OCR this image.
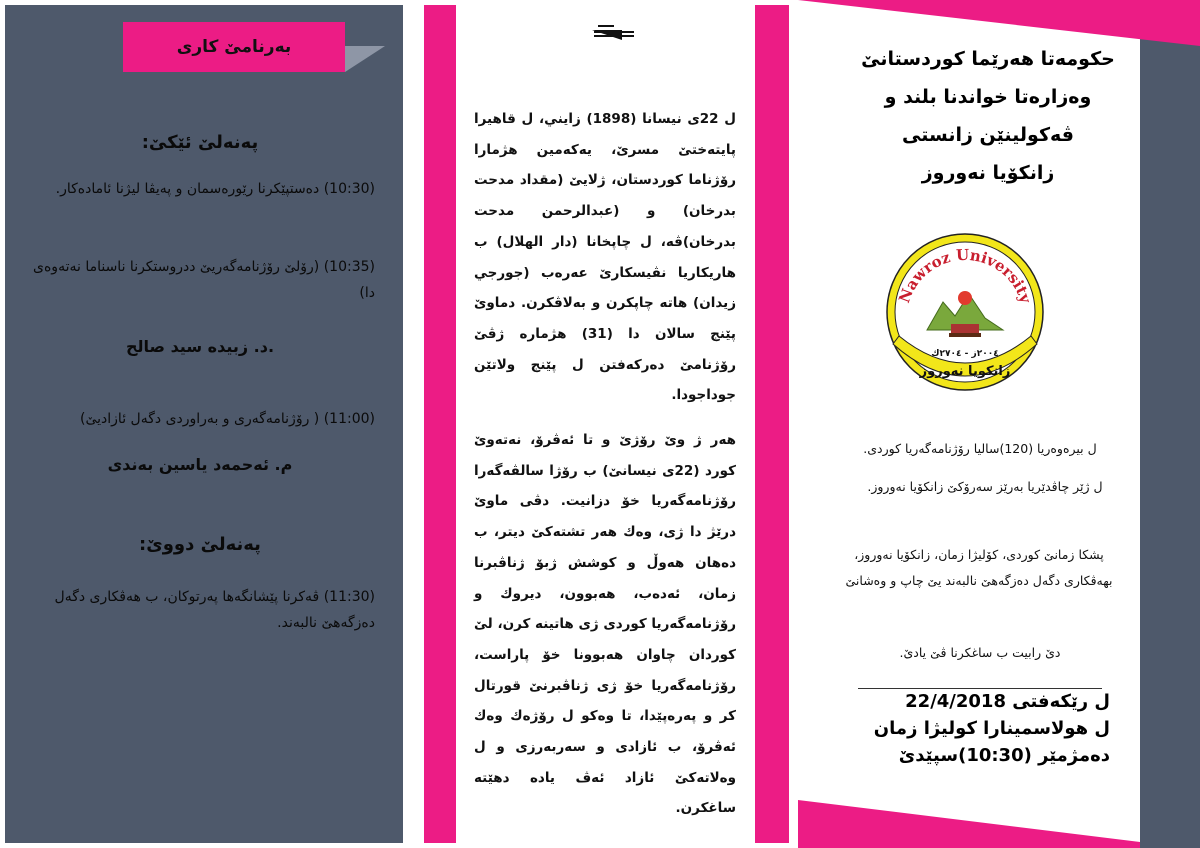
بەرنامێ كارى
پەنەلێ ئێكێ:
(10:30) دەستپێكرنا رێورەسمان و پەيڤا ليژنا ئامادەكار.
(10:35) (رۆلێ رۆژنامەگەريێ ددروستكرنا ناسناما نەتەوەى دا)
د. زبيده سيد صالح.
(11:00) ( رۆژنامەگەرى و بەراوردى دگەل ئازاديێ)
م. ئەحمەد ياسين بەندى
پەنەلێ دووێ:
(11:30) ڤەكرنا پێشانگەها پەرتوكان، ب هەڤكارى دگەل دەزگەهێ نالبەند.

ل 22ى نيسانا (1898) زايني، ل قاهيرا پايتەختێ مسرێ، يەكەمين هژمارا رۆژناما كوردستان، ژلايێ (مقداد مدحت بدرخان) و (عبدالرحمن مدحت بدرخان)ڤە، ل چاپخانا (دار الهلال) ب هاريكاريا نڤيسكارێ عەرەب (جورجي زيدان) هاتە چاپكرن و بەلاڤكرن. دماوێ پێنج سالان دا (31) هژمارە ژڤێ رۆژنامێ دەركەفتن ل پێنج ولاتێن جوداجودا.

هەر ژ وێ رۆژێ و تا ئەڤرۆ، نەتەوێ كورد (22ى نيسانێ) ب رۆژا سالڤەگەرا رۆژنامەگەريا خۆ دزانيت. دڤى ماوێ درێژ دا ژى، وەك هەر تشتەكێ ديتر، ب دەهان هەوڵ و كوشش ژبۆ ژناڤبرنا زمان، ئەدەب، هەبوون، ديروك و رۆژنامەگەريا كوردى ژى هاتينە كرن، لێ كوردان چاوان هەبوونا خۆ پاراست، رۆژنامەگەريا خۆ ژى ژناڤبرنێ قورتال كر و پەرەپێدا، تا وەكو ل رۆژەك وەك ئەڤرۆ، ب ئازادى و سەربەرزى و ل وەلاتەكێ ئازاد ئەڤ يادە دهێتە ساغكرن.

حكومەتا هەرێما كوردستانێ
وەزارەتا خواندنا بلند و
ڤەكولينێن زانستى
زانكۆيا نەوروز
Nawroz University
٢٠٠٤ز - ٢٧٠٤ك
زانكويا نەوروز
ل بيرەوەريا (120)ساليا رۆژنامەگەريا كوردى.
ل ژێر چاڤدێريا بەرێز سەرۆكێ زانكۆيا نەوروز.
پشكا زمانێ كوردى، كۆليژا زمان، زانكۆيا نەوروز، بهەڤكارى دگەل دەزگەهێ نالبەند يێ چاپ و وەشانێ
دێ رابيت ب ساغكرنا ڤێ يادێ.
ل رێكەفتى 22/4/2018
ل هولاسمينارا كوليژا زمان
دەمژمێر (10:30)سپێدێ
